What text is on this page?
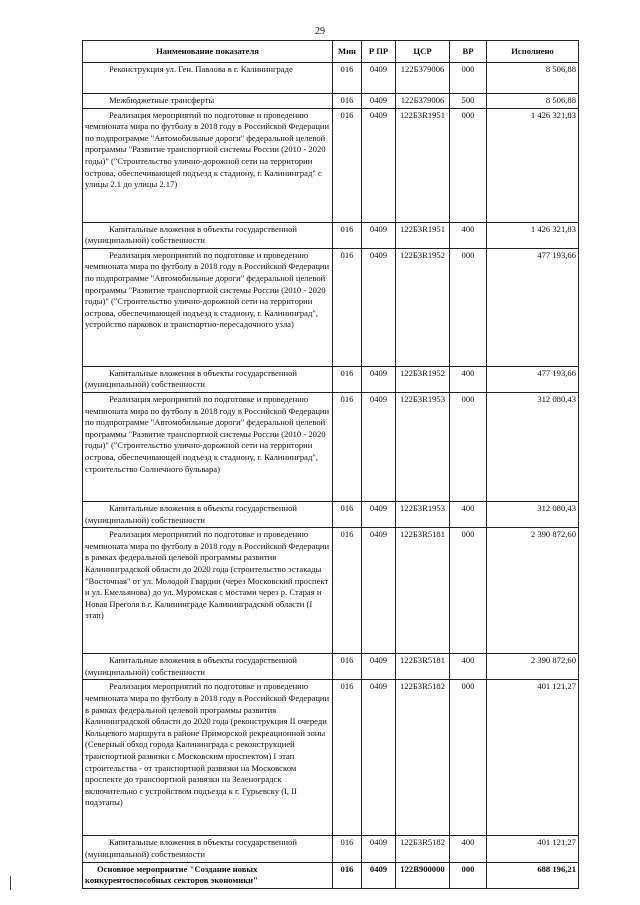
29
Наименование показателя	Мин	Р ПР	ЦСР	ВР	Исполнено
Реконструкция ул. Ген. Павлова в г. Калининграде	016	0409	122Б379006	000	8 506,88
Межбюджетные трансферты	016	0409	122Б379006	500	8 506,88
Реализация мероприятий по подготовке и проведению чемпионата мира по футболу в 2018 году в Российской Федерации по подпрограмме "Автомобильные дороги" федеральной целевой программы "Развитие транспортной системы России (2010 - 2020 годы)" ("Строительство улично-дорожной сети на территории острова, обеспечивающей подъезд к стадиону, г. Калининград" с улицы 2.1 до улицы 2.17)	016	0409	122Б3R1951	000	1 426 321,83
Капитальные вложения в объекты государственной (муниципальной) собственности	016	0409	122Б3R1951	400	1 426 321,83
Реализация мероприятий по подготовке и проведению чемпионата мира по футболу в 2018 году в Российской Федерации по подпрограмме "Автомобильные дороги" федеральной целевой программы "Развитие транспортной системы России (2010 - 2020 годы)" ("Строительство улично-дорожной сети на территории острова, обеспечивающей подъезд к стадиону, г. Калининград", устройство парковок и транспортно-пересадочного узла)	016	0409	122Б3R1952	000	477 193,66
Капитальные вложения в объекты государственной (муниципальной) собственности	016	0409	122Б3R1952	400	477 193,66
Реализация мероприятий по подготовке и проведению чемпионата мира по футболу в 2018 году в Российской Федерации по подпрограмме "Автомобильные дороги" федеральной целевой программы "Развитие транспортной системы России (2010 - 2020 годы)" ("Строительство улично-дорожной сети на территории острова, обеспечивающей подъезд к стадиону, г. Калининград", строительство Солнечного бульвара)	016	0409	122Б3R1953	000	312 080,43
Капитальные вложения в объекты государственной (муниципальной) собственности	016	0409	122Б3R1953	400	312 080,43
Реализация мероприятий по подготовке и проведению чемпионата мира по футболу в 2018 году в Российской Федерации в рамках федеральной целевой программы развития Калининградской области до 2020 года (строительство эстакады "Восточная" от ул. Молодой Гвардии (через Московский проспект и ул. Емельянова) до ул. Муромская с мостами через р. Старая и Новая Преголя в г. Калининграде Калининградской области (I этап)	016	0409	122Б3R5181	000	2 390 872,60
Капитальные вложения в объекты государственной (муниципальной) собственности	016	0409	122Б3R5181	400	2 390 872,60
Реализация мероприятий по подготовке и проведению чемпионата мира по футболу в 2018 году в Российской Федерации в рамках федеральной целевой программы развития Калининградской области до 2020 года (реконструкция II очереди Кольцевого маршрута в районе Приморской рекреационной зоны (Северный обход города Калининграда с реконструкцией транспортной развязки с Московским проспектом) I этап строительства - от транспортной развязки на Московском проспекте до транспортной развязки на Зеленоградск включительно с устройством подъезда к г. Гурьевску (I, II подэтапы)	016	0409	122Б3R5182	000	401 121,27
Капитальные вложения в объекты государственной (муниципальной) собственности	016	0409	122Б3R5182	400	401 121,27
Основное мероприятие "Создание новых конкурентоспособных секторов экономики"	016	0409	122В900000	000	688 196,21
